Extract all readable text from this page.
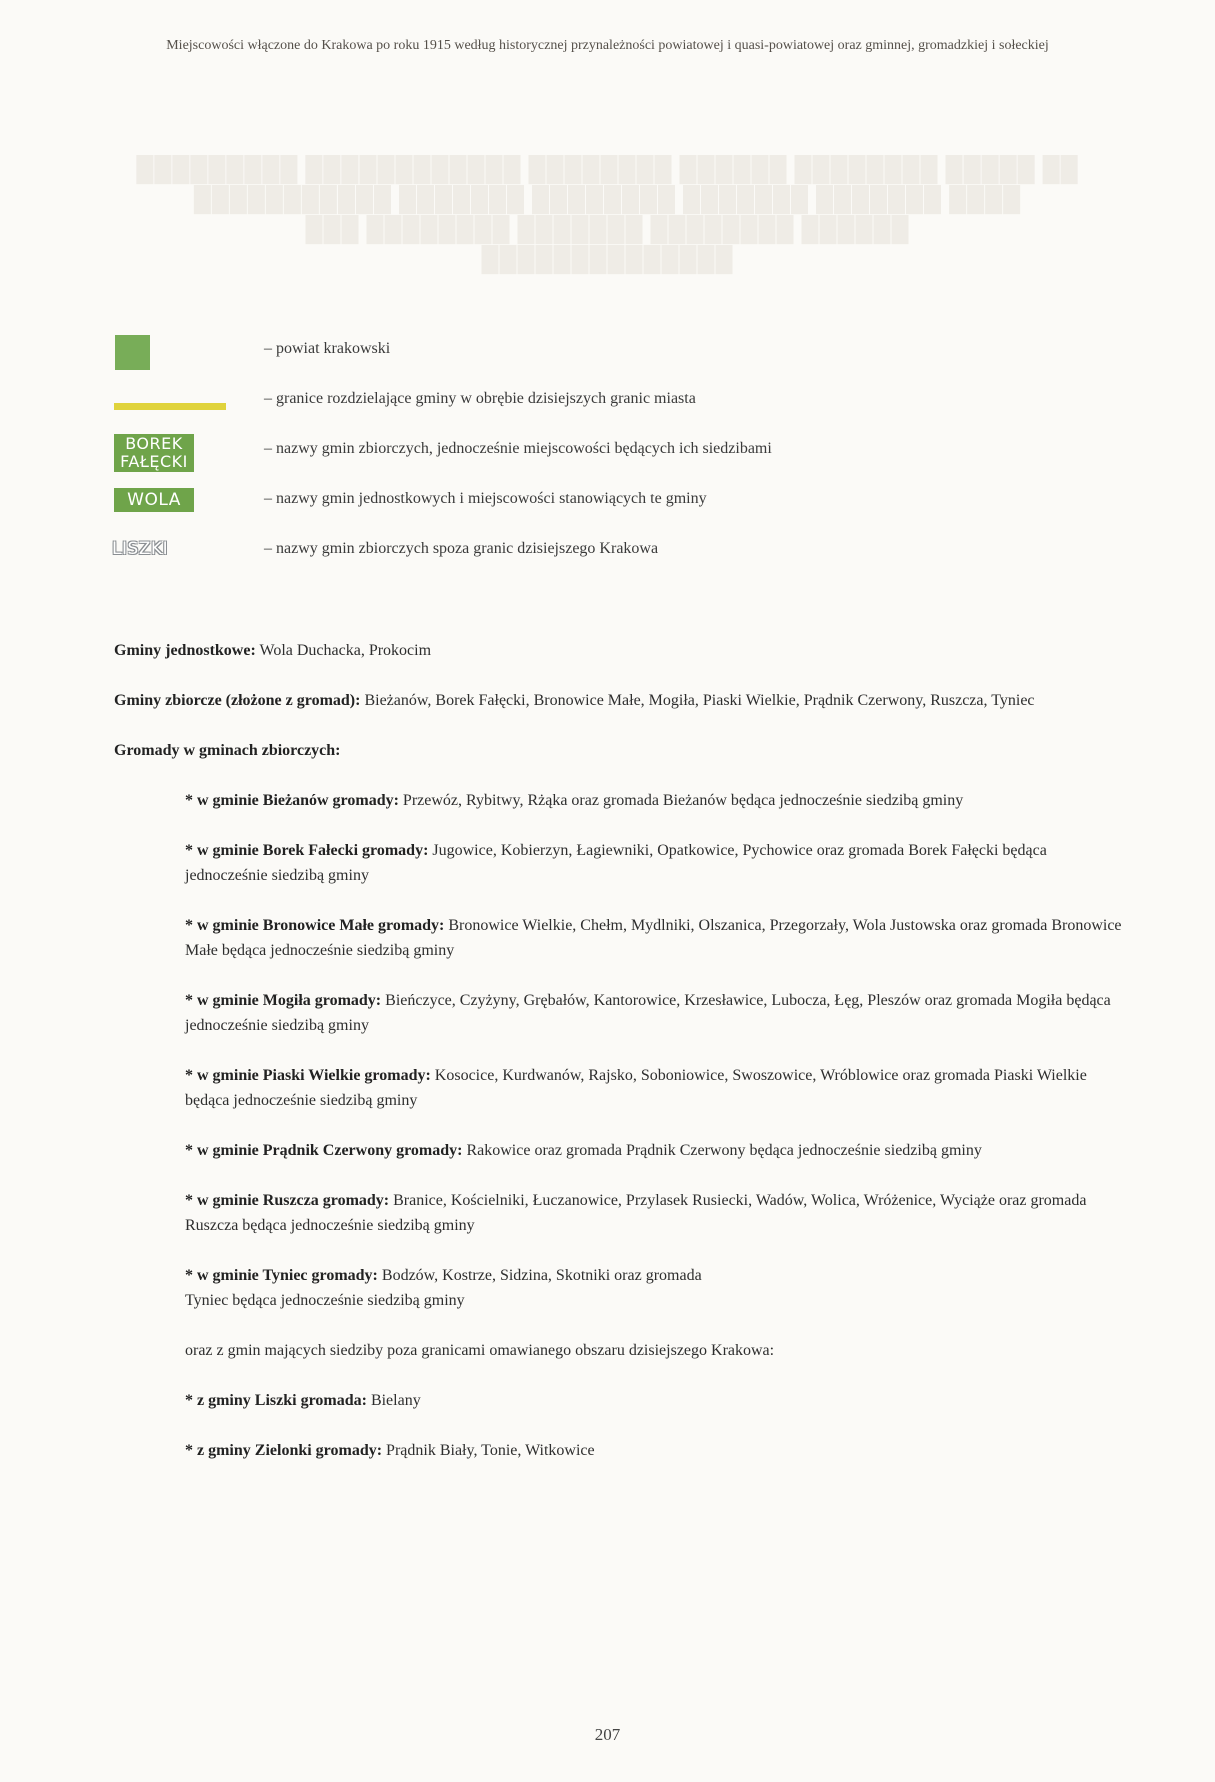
Miejscowości włączone do Krakowa po roku 1915 według historycznej przynależności powiatowej i quasi-powiatowej oraz gminnej, gromadzkiej i sołeckiej
█████████ ████████████ ████████ ██████ ████████ █████ ██
███████████ ███████ ████████ ███████ ███████ ████
███ ████████ ███████ ████████ ██████
██████████████
– powiat krakowski
– granice rozdzielające gminy w obrębie dzisiejszych granic miasta
BOREK
FAŁĘCKI
– nazwy gmin zbiorczych, jednocześnie miejscowości będących ich siedzibami
WOLA	– nazwy gmin jednostkowych i miejscowości stanowiących te gminy
LISZKI	– nazwy gmin zbiorczych spoza granic dzisiejszego Krakowa

Gminy jednostkowe: Wola Duchacka, Prokocim

Gminy zbiorcze (złożone z gromad): Bieżanów, Borek Fałęcki, Bronowice Małe, Mogiła, Piaski Wielkie, Prądnik Czerwony, Ruszcza, Tyniec

Gromady w gminach zbiorczych:

* w gminie Bieżanów gromady: Przewóz, Rybitwy, Rżąka oraz gromada Bieżanów będąca jednocześnie siedzibą gminy

* w gminie Borek Fałecki gromady: Jugowice, Kobierzyn, Łagiewniki, Opatkowice, Pychowice oraz gromada Borek Fałęcki będąca jednocześnie siedzibą gminy

* w gminie Bronowice Małe gromady: Bronowice Wielkie, Chełm, Mydlniki, Olszanica, Przegorzały, Wola Justowska oraz gromada Bronowice Małe będąca jednocześnie siedzibą gminy

* w gminie Mogiła gromady: Bieńczyce, Czyżyny, Grębałów, Kantorowice, Krzesławice, Lubocza, Łęg, Pleszów oraz gromada Mogiła będąca jednocześnie siedzibą gminy

* w gminie Piaski Wielkie gromady: Kosocice, Kurdwanów, Rajsko, Soboniowice, Swoszowice, Wróblowice oraz gromada Piaski Wielkie będąca jednocześnie siedzibą gminy

* w gminie Prądnik Czerwony gromady: Rakowice oraz gromada Prądnik Czerwony będąca jednocześnie siedzibą gminy

* w gminie Ruszcza gromady: Branice, Kościelniki, Łuczanowice, Przylasek Rusiecki, Wadów, Wolica, Wróżenice, Wyciąże oraz gromada Ruszcza będąca jednocześnie siedzibą gminy

* w gminie Tyniec gromady: Bodzów, Kostrze, Sidzina, Skotniki oraz gromada
Tyniec będąca jednocześnie siedzibą gminy

oraz z gmin mających siedziby poza granicami omawianego obszaru dzisiejszego Krakowa:

* z gminy Liszki gromada: Bielany

* z gminy Zielonki gromady: Prądnik Biały, Tonie, Witkowice

207
